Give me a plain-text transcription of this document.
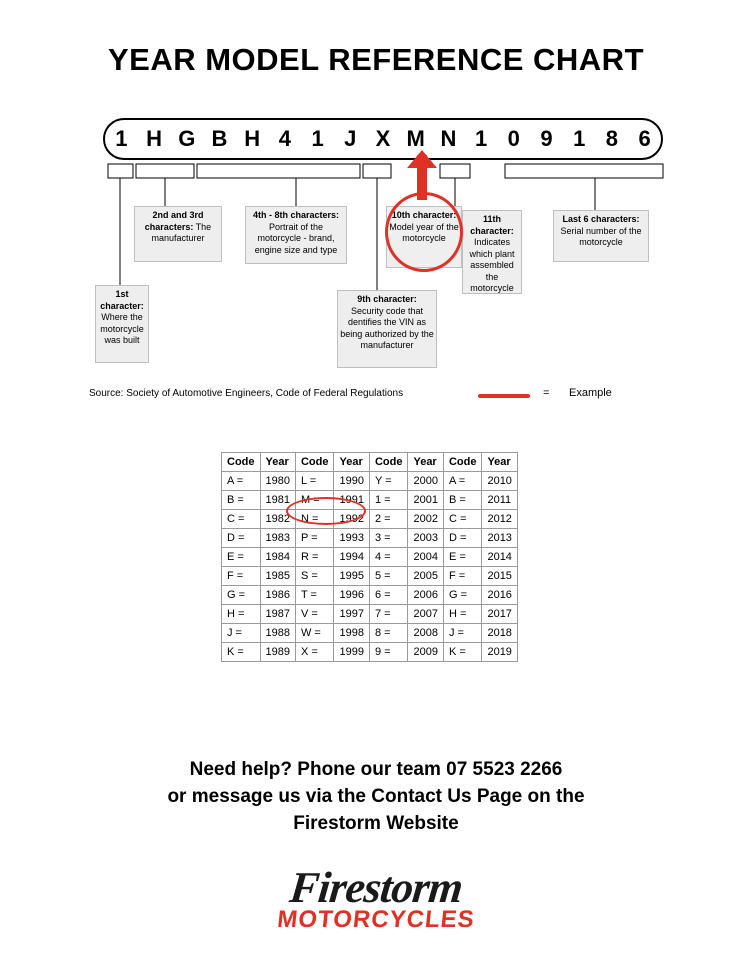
YEAR MODEL REFERENCE CHART
1 H G B H 4 1 J X M N 1 0 9 1 8 6
1st character: Where the motorcycle was built
2nd and 3rd characters: The manufacturer
4th - 8th characters: Portrait of the motorcycle - brand, engine size and type
9th character: Security code that dentifies the VIN as being authorized by the manufacturer
10th character: Model year of the motorcycle
11th character: Indicates which plant assembled the motorcycle
Last 6 characters: Serial number of the motorcycle
Source: Society of Automotive Engineers, Code of Federal Regulations	= Example
Code	Year	Code	Year	Code	Year	Code	Year
A =	1980	L =	1990	Y =	2000	A =	2010
B =	1981	M =	1991	1 =	2001	B =	2011
C =	1982	N =	1992	2 =	2002	C =	2012
D =	1983	P =	1993	3 =	2003	D =	2013
E =	1984	R =	1994	4 =	2004	E =	2014
F =	1985	S =	1995	5 =	2005	F =	2015
G =	1986	T =	1996	6 =	2006	G =	2016
H =	1987	V =	1997	7 =	2007	H =	2017
J =	1988	W =	1998	8 =	2008	J =	2018
K =	1989	X =	1999	9 =	2009	K =	2019
Need help? Phone our team 07 5523 2266
or message us via the Contact Us Page on the
Firestorm Website
Firestorm
MOTORCYCLES
